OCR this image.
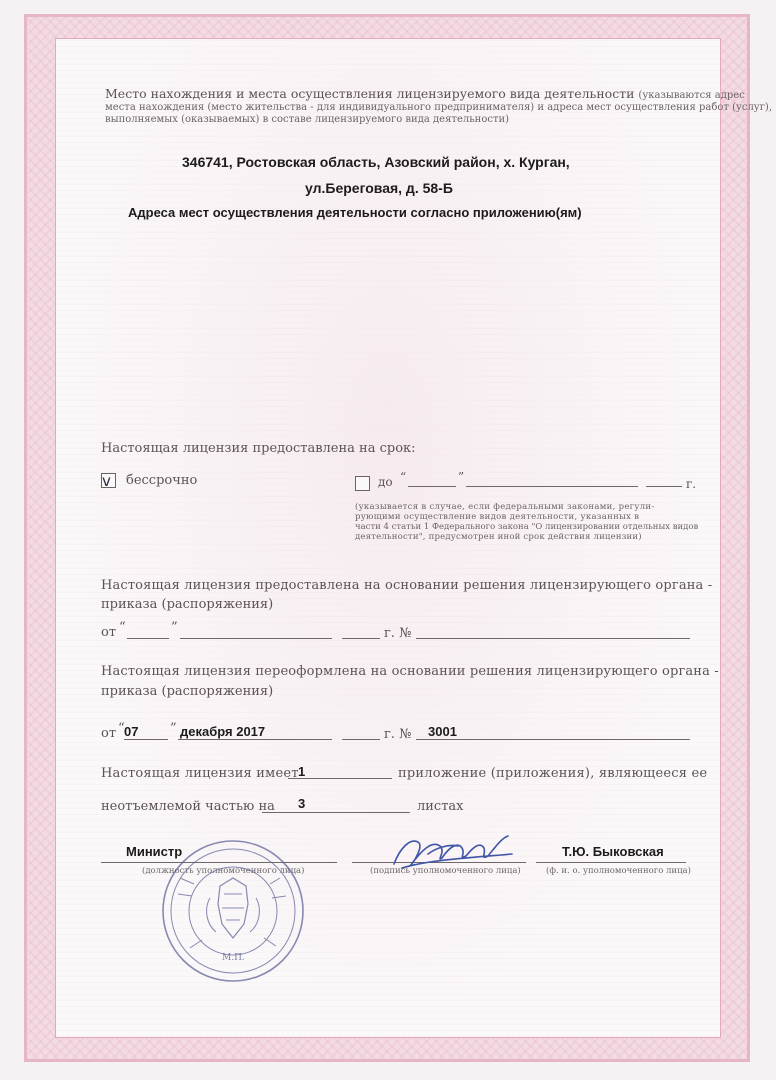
Место нахождения и места осуществления лицензируемого вида деятельности (указываются адрес
места нахождения (место жительства - для индивидуального предпринимателя) и адреса мест осуществления работ (услуг),
выполняемых (оказываемых) в составе лицензируемого вида деятельности)
346741, Ростовская область, Азовский район, х. Курган,
ул.Береговая, д. 58-Б
Адреса мест осуществления деятельности согласно приложению(ям)
Настоящая лицензия предоставлена на срок:
v бессрочно	до “	”	г.
(указывается в случае, если федеральными законами, регули-
рующими осуществление видов деятельности, указанных в
части 4 статьи 1 Федерального закона "О лицензировании отдельных видов
деятельности", предусмотрен иной срок действия лицензии)
Настоящая лицензия предоставлена на основании решения лицензирующего органа -
приказа (распоряжения)
от “	”	г. №
Настоящая лицензия переоформлена на основании решения лицензирующего органа -
приказа (распоряжения)
от “ 07 ” декабря 2017	г. № 3001
Настоящая лицензия имеет 1	приложение (приложения), являющееся ее
неотъемлемой частью на 3	листах
Министр
(должность уполномоченного лица)	(подпись уполномоченного лица)
Т.Ю. Быковская
(ф. и. о. уполномоченного лица)
М.П.
